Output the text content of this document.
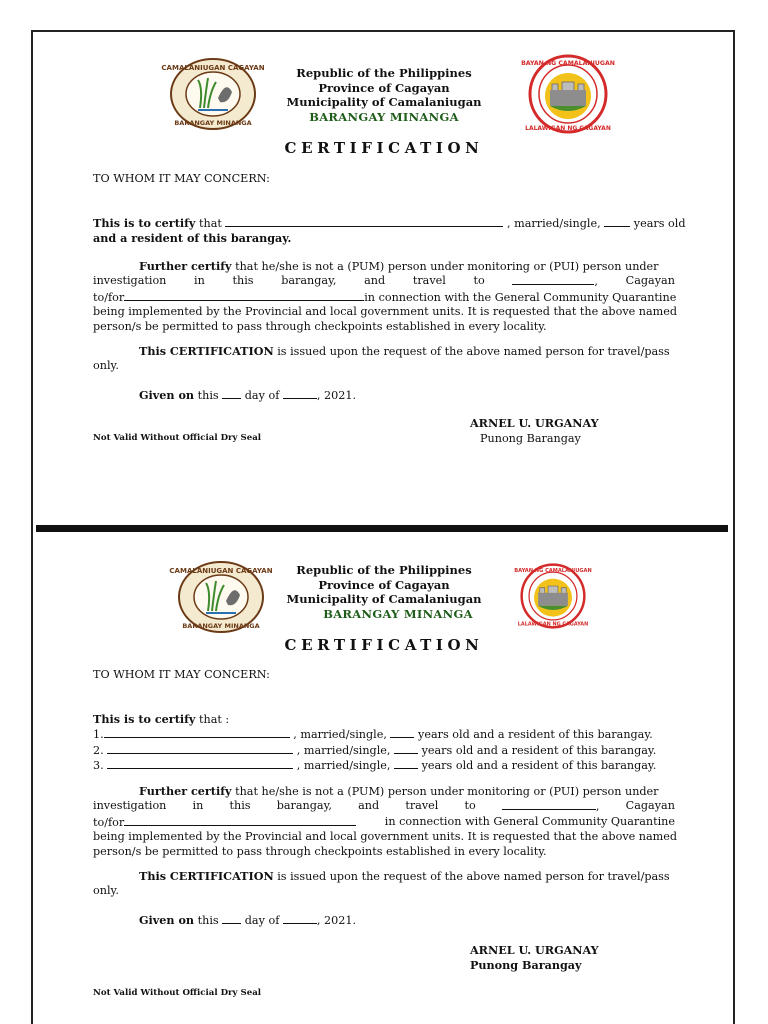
CAMALANIUGAN CAGAYAN
BARANGAY MINANGA
BAYAN NG CAMALANIUGAN
LALAWIGAN NG CAGAYAN
Republic of the Philippines
Province of Cagayan
Municipality of Camalaniugan
BARANGAY MINANGA
CERTIFICATION
TO WHOM IT MAY CONCERN:
This is to certify that	, married/single,  years old
and a resident of this barangay.
Further certify that he/she is not a (PUM) person under monitoring or (PUI) person under
investigation in this barangay, and travel to	, Cagayan
to/for	in connection with the General Community Quarantine
being implemented by the Provincial and local government units. It is requested that the above named
person/s be permitted to pass through checkpoints established in every locality.
This CERTIFICATION is issued upon the request of the above named person for travel/pass
only.
Given on this  day of	, 2021.
ARNEL U. URGANAY
Punong Barangay
Not Valid Without Official Dry Seal
CAMALANIUGAN CAGAYAN
BARANGAY MINANGA
BAYAN NG CAMALANIUGAN
LALAWIGAN NG CAGAYAN
Republic of the Philippines
Province of Cagayan
Municipality of Camalaniugan
BARANGAY MINANGA
CERTIFICATION
TO WHOM IT MAY CONCERN:
This is to certify that :
1.	, married/single,  years old and a resident of this barangay.
2.	, married/single,  years old and a resident of this barangay.
3.	, married/single,  years old and a resident of this barangay.
Further certify that he/she is not a (PUM) person under monitoring or (PUI) person under
investigation in this barangay, and travel to	, Cagayan
to/for	in connection with General Community Quarantine
being implemented by the Provincial and local government units. It is requested that the above named
person/s be permitted to pass through checkpoints established in every locality.
This CERTIFICATION is issued upon the request of the above named person for travel/pass
only.
Given on this  day of	, 2021.
ARNEL U. URGANAY
Punong Barangay
Not Valid Without Official Dry Seal
